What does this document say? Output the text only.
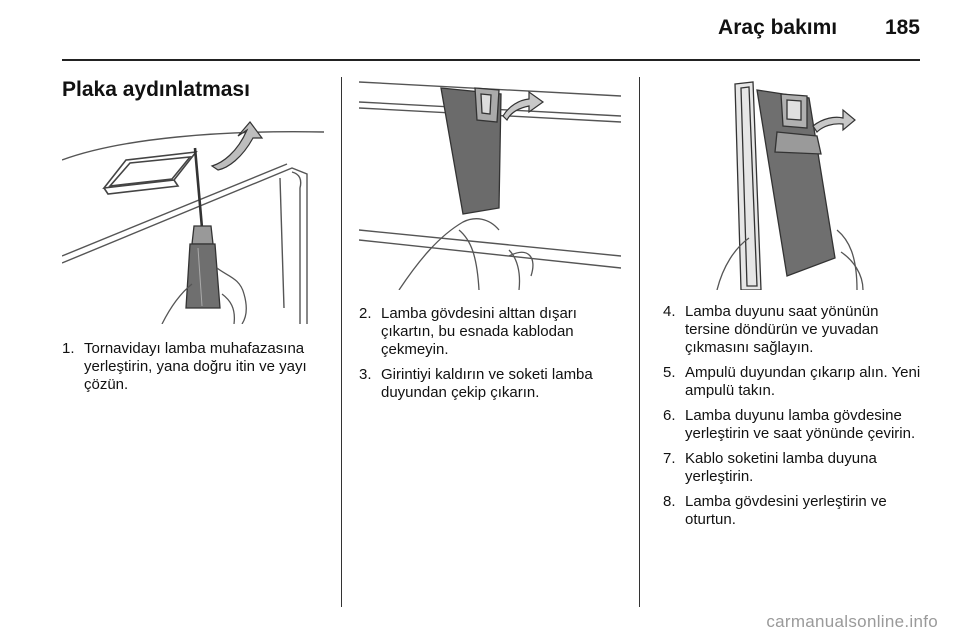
Araç bakımı 185
Plaka aydınlatması
1. Tornavidayı lamba muhafazasına yerleştirin, yana doğru itin ve yayı çözün.
2. Lamba gövdesini alttan dışarı çıkartın, bu esnada kablodan çekmeyin.
3. Girintiyi kaldırın ve soketi lamba duyundan çekip çıkarın.
4. Lamba duyunu saat yönünün tersine döndürün ve yuvadan çıkmasını sağlayın.
5. Ampulü duyundan çıkarıp alın. Yeni ampulü takın.
6. Lamba duyunu lamba gövdesine yerleştirin ve saat yönünde çevirin.
7. Kablo soketini lamba duyuna yerleştirin.
8. Lamba gövdesini yerleştirin ve oturtun.
carmanualsonline.info
